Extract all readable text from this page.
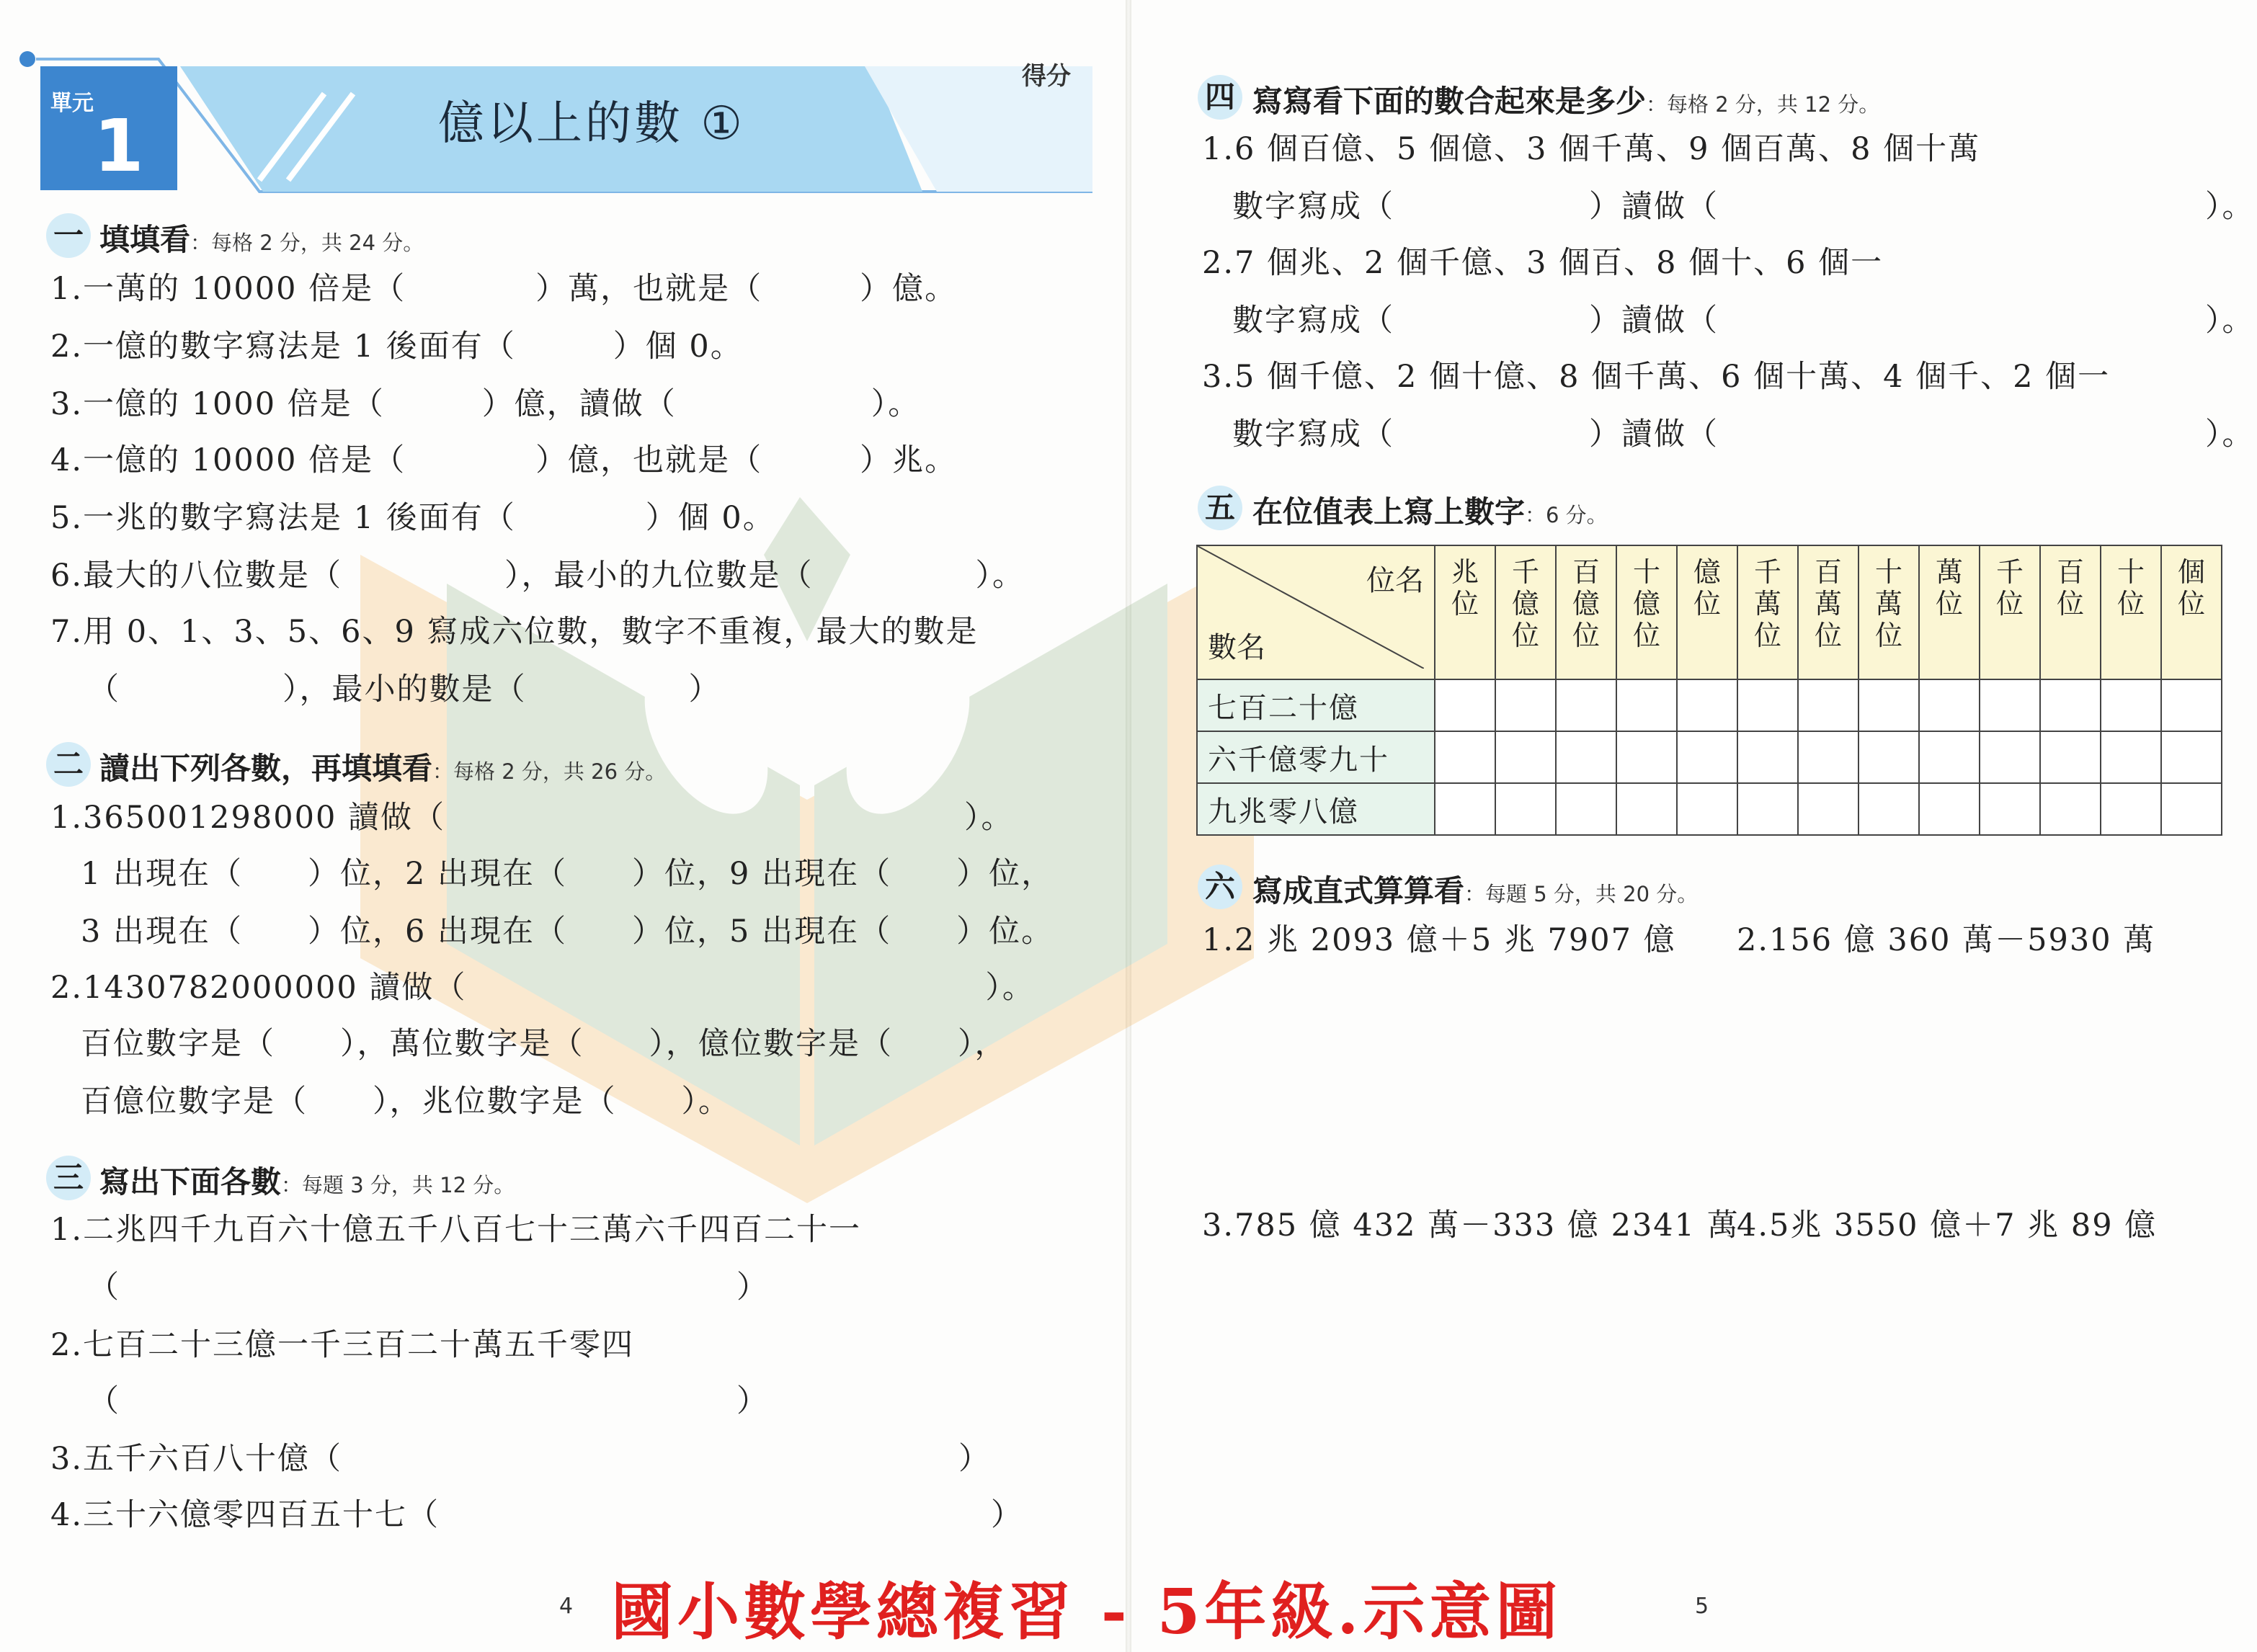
單元
1	億以上的數 ①
得分
一 填填看：每格 2 分，共 24 分。
1.一萬的 10000 倍是（　　　　）萬，也就是（　　　）億。
2.一億的數字寫法是 1 後面有（　　　）個 0。
3.一億的 1000 倍是（　　　）億，讀做（　　　　　　）。
4.一億的 10000 倍是（　　　　）億，也就是（　　　）兆。
5.一兆的數字寫法是 1 後面有（　　　　）個 0。
6.最大的八位數是（　　　　　），最小的九位數是（　　　　　）。
7.用 0、1、3、5、6、9 寫成六位數，數字不重複，最大的數是
（　　　　　），最小的數是（　　　　　）
二 讀出下列各數，再填填看：每格 2 分，共 26 分。
1.365001298000 讀做（　　　　　　　　　　　　　　　　）。
1 出現在（　　）位，2 出現在（　　）位，9 出現在（　　）位，
3 出現在（　　）位，6 出現在（　　）位，5 出現在（　　）位。
2.1430782000000 讀做（　　　　　　　　　　　　　　　　）。
百位數字是（　　），萬位數字是（　　），億位數字是（　　），
百億位數字是（　　），兆位數字是（　　）。
三 寫出下面各數：每題 3 分，共 12 分。
1.二兆四千九百六十億五千八百七十三萬六千四百二十一
（　　　　　　　　　　　　　　　　　　　）
2.七百二十三億一千三百二十萬五千零四
（　　　　　　　　　　　　　　　　　　　）
3.五千六百八十億（　　　　　　　　　　　　　　　　　　　）
4.三十六億零四百五十七（　　　　　　　　　　　　　　　　　）
四 寫寫看下面的數合起來是多少：每格 2 分，共 12 分。
1.6 個百億、5 個億、3 個千萬、9 個百萬、8 個十萬
數字寫成（　　　　　　）讀做（　　　　　　　　　　　　　　　）。
2.7 個兆、2 個千億、3 個百、8 個十、6 個一
數字寫成（　　　　　　）讀做（　　　　　　　　　　　　　　　）。
3.5 個千億、2 個十億、8 個千萬、6 個十萬、4 個千、2 個一
數字寫成（　　　　　　）讀做（　　　　　　　　　　　　　　　）。
五 在位值表上寫上數字：6 分。
位名
數名	兆位	千億位	百億位	十億位	億位	千萬位	百萬位	十萬位	萬位	千位	百位	十位	個位
七百二十億													
六千億零九十													
九兆零八億													
六 寫成直式算算看：每題 5 分，共 20 分。
1.2 兆 2093 億＋5 兆 7907 億 2.156 億 360 萬－5930 萬
3.785 億 432 萬－333 億 2341 萬
4.5兆 3550 億＋7 兆 89 億
4	5
國小數學總複習 - 5年級.示意圖
